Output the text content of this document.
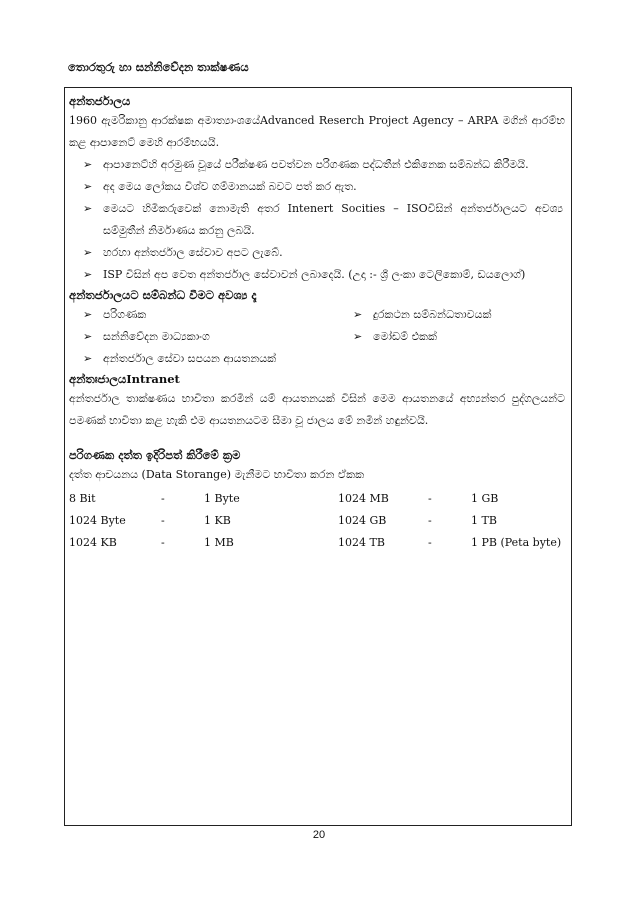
තොරතුරු හා සන්නිවේදන තාක්ෂණය

අන්තර්ජාලය

1960 ඇමරිකානු ආරක්ෂක අමාත්‍යාංශයේAdvanced Reserch Project Agency – ARPA මගින් ආරම්භ කළ ආපානෙට් මෙහි ආරම්භයයි.

➢ ආපානෙට්හි අරමුණ වූයේ පරීක්ෂණ පවත්වන පරිගණක පද්ධතීන් එකිනෙක සම්බන්ධ කිරීමයි.
➢ අද මෙය ලෝකය විශ්ව ගම්මානයක් බවට පත් කර ඇත.
➢ මෙයට හිමිකරුවෙක් නොමැති අතර Intenert Socities – ISOවිසින් අන්තර්ජාලයට අවශ්‍ය සම්මුතීන් නිර්මාණය කරනු ලබයි.
➢ හරහා අන්තර්ජාල සේවාව අපට ලැබේ.
➢ ISP විසින් අප වෙත අන්තර්ජාල සේවාවන් ලබාදෙයි. (උදා :- ශ්‍රී ලංකා ටෙලිකොම්, ඩයලොග්)

අන්තර්ජාලයට සම්බන්ධ වීමට අවශ්‍ය දෑ

➢ පරිගණක	➢ දුරකථන සම්බන්ධතාවයක්
➢ සන්නිවේදන මාධ්‍යකාංග	➢ මෝඩම් එකක්
➢ අන්තර්ජාල සේවා සපයන ආයතනයක්

අන්තඃජාලයIntranet

අන්තර්ජාල තාක්ෂණය භාවිතා කරමින් යම් ආයතනයක් විසින් මෙම ආයතනයේ අභ්‍යන්තර පුද්ගලයන්ට පමණක් භාවිතා කළ හැකි එම ආයතනයටම සීමා වූ ජාලය මේ නමින් හඳුන්වයි.

පරිගණක දත්ත ඉදිරිපත් කිරීමේ ක්‍රම

දත්ත ආචයනය (Data Storange) මැනීමට භාවිතා කරන ඒකක

8 Bit	-	1 Byte	1024 MB	-	1 GB
1024 Byte	-	1 KB	1024 GB	-	1 TB
1024 KB	-	1 MB	1024 TB	-	1 PB (Peta byte)
20
